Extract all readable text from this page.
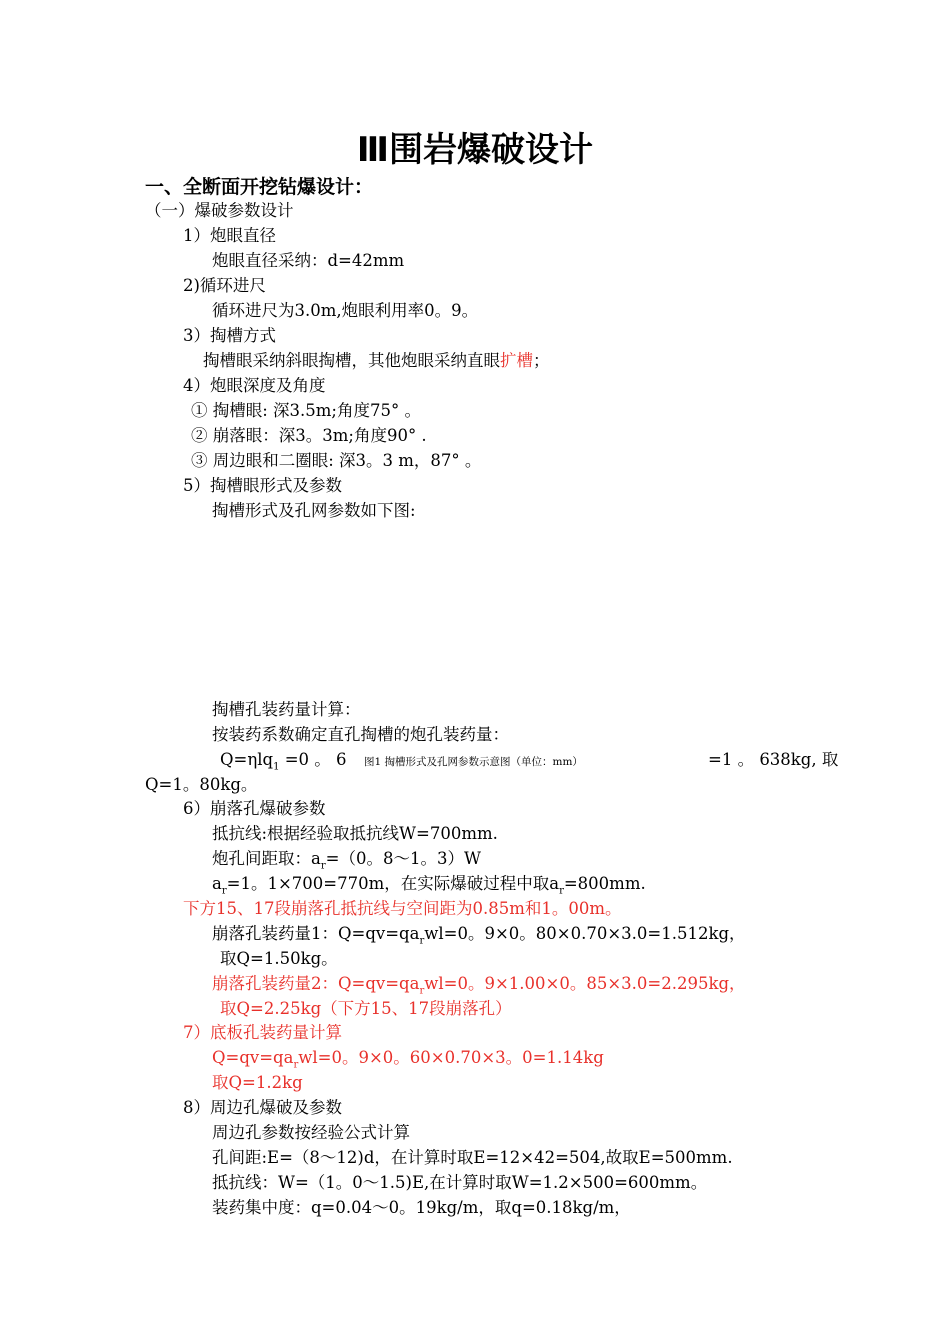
Ⅲ围岩爆破设计
一、全断面开挖钻爆设计：
（一）爆破参数设计
1）炮眼直径
炮眼直径采纳：d=42mm
2)循环进尺
循环进尺为3.0m,炮眼利用率0。9。
3）掏槽方式
掏槽眼采纳斜眼掏槽，其他炮眼采纳直眼扩槽；
4）炮眼深度及角度
① 掏槽眼: 深3.5m;角度75° 。
② 崩落眼：深3。3m;角度90° .
③ 周边眼和二圈眼: 深3。3 m，87° 。
5）掏槽眼形式及参数
掏槽形式及孔网参数如下图:
掏槽孔装药量计算：
按装药系数确定直孔掏槽的炮孔装药量：
Q=ηlq$_1$ =0 。 6 图1 掏槽形式及孔网参数示意图（单位：mm）	=1 。 638kg, 取
Q=1。80kg。
6）崩落孔爆破参数
抵抗线:根据经验取抵抗线W=700mm.
炮孔间距取：$a_r=(0$。8～1。3）W
$a_r=1$。1×700=770m，在实际爆破过程中取$a_r=800mm$.
下方15、17段崩落孔抵抗线与空间距为0.85m和1。00m。
崩落孔装药量1：$Q=qv=qa_rwl=0$。9×0。80×0.70×3.0=1.512kg，
取Q=1.50kg。
崩落孔装药量2：$Q=qv=qa_rwl=0$。9×1.00×0。85×3.0=2.295kg，
取Q=2.25kg（下方15、17段崩落孔）
7）底板孔装药量计算
$Q=qv=qa_rwl=0$。9×0。60×0.70×3。0=1.14kg
取Q=1.2kg
8）周边孔爆破及参数
周边孔参数按经验公式计算
孔间距:E=（8～12)d，在计算时取E=12×42=504,故取E=500mm.
抵抗线：W=（1。0～1.5)E,在计算时取W=1.2×500=600mm。
装药集中度：q=0.04～0。19kg/m，取q=0.18kg/m，
